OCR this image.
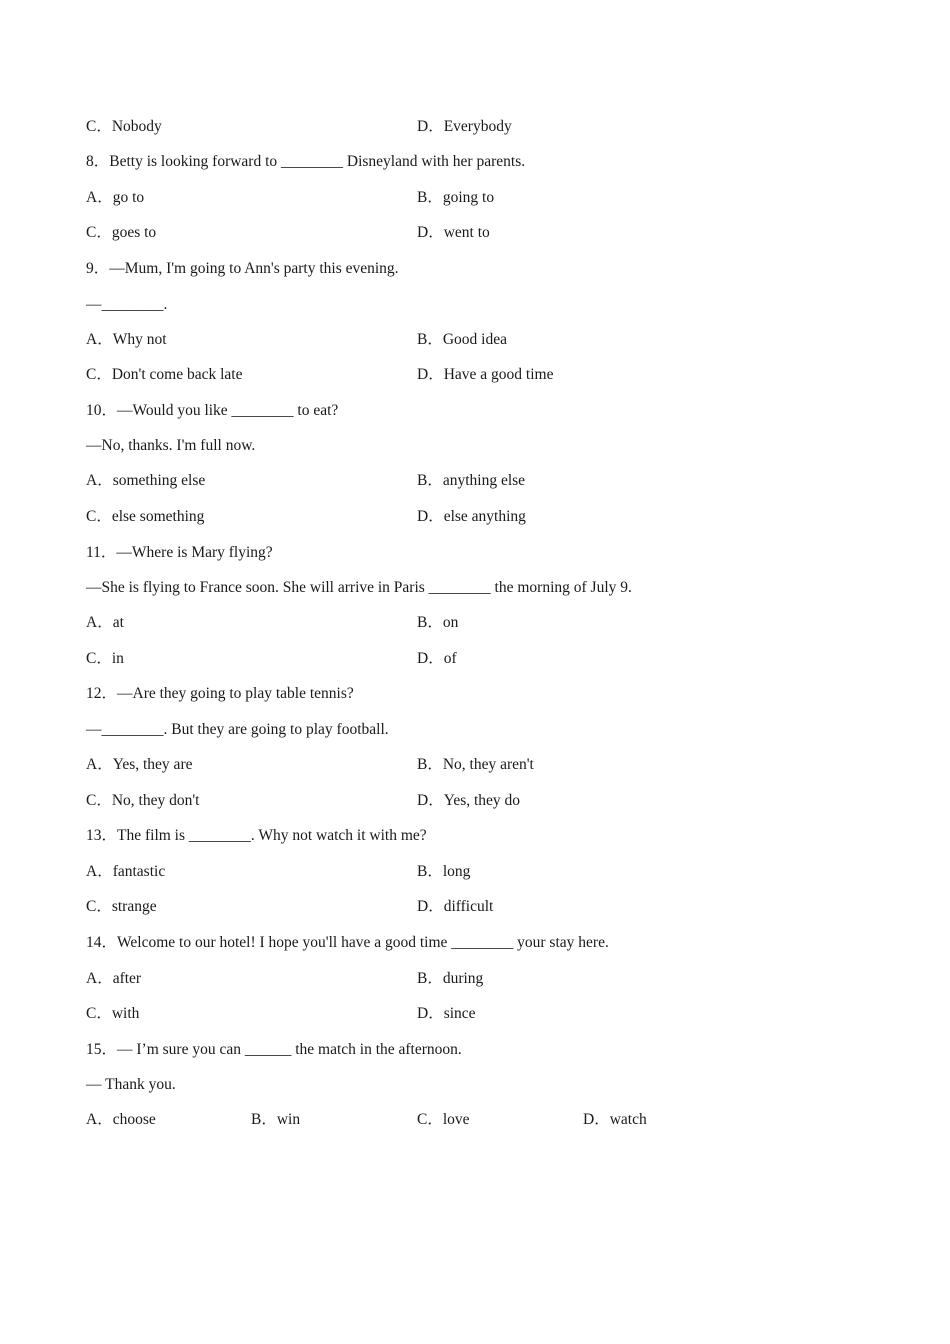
C．Nobody	D．Everybody
8．Betty is looking forward to ________ Disneyland with her parents.
A．go to	B．going to
C．goes to	D．went to
9．—Mum, I'm going to Ann's party this evening.
—________.
A．Why not	B．Good idea
C．Don't come back late	D．Have a good time
10．—Would you like ________ to eat?
—No, thanks. I'm full now.
A．something else	B．anything else
C．else something	D．else anything
11．—Where is Mary flying?
—She is flying to France soon. She will arrive in Paris ________ the morning of July 9.
A．at	B．on
C．in	D．of
12．—Are they going to play table tennis?
—________. But they are going to play football.
A．Yes, they are	B．No, they aren't
C．No, they don't	D．Yes, they do
13．The film is ________. Why not watch it with me?
A．fantastic	B．long
C．strange	D．difficult
14．Welcome to our hotel! I hope you'll have a good time ________ your stay here.
A．after	B．during
C．with	D．since
15．— I’m sure you can ______ the match in the afternoon.
— Thank you.
A．choose	B．win	C．love	D．watch
